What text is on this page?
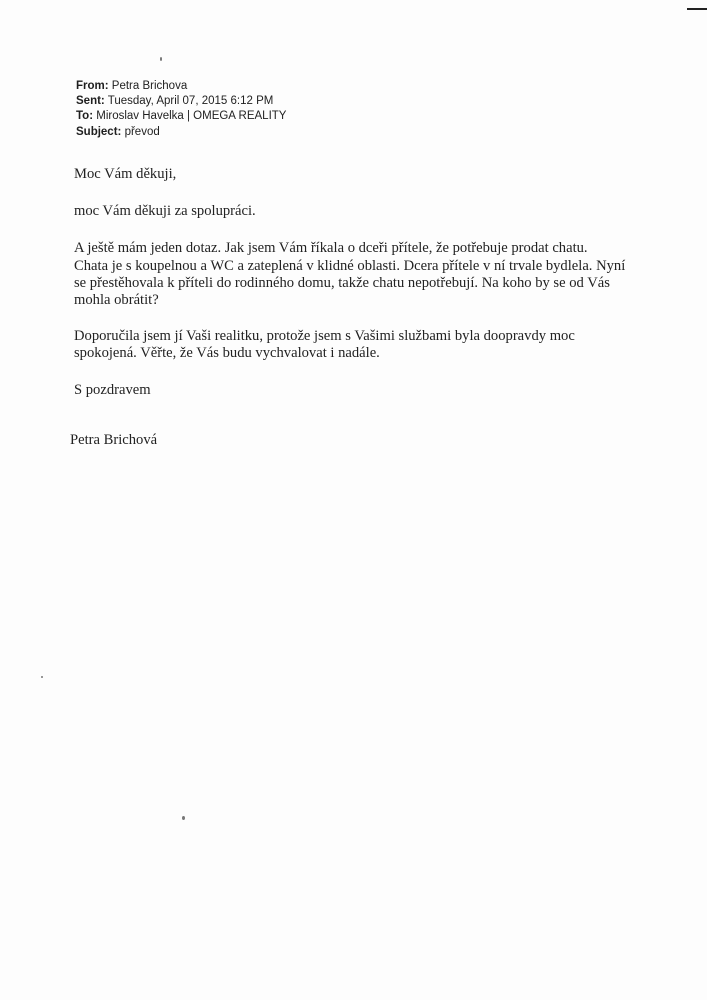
From: Petra Brichova
Sent: Tuesday, April 07, 2015 6:12 PM
To: Miroslav Havelka | OMEGA REALITY
Subject: převod

Moc Vám děkuji,

moc Vám děkuji za spolupráci.

A ještě mám jeden dotaz. Jak jsem Vám říkala o dceři přítele, že potřebuje prodat chatu.
Chata je s koupelnou a WC a zateplená v klidné oblasti. Dcera přítele v ní trvale bydlela. Nyní
se přestěhovala k příteli do rodinného domu, takže chatu nepotřebují. Na koho by se od Vás
mohla obrátit?

Doporučila jsem jí Vaši realitku, protože jsem s Vašimi službami byla doopravdy moc
spokojená. Věřte, že Vás budu vychvalovat i nadále.

S pozdravem

Petra Brichová
